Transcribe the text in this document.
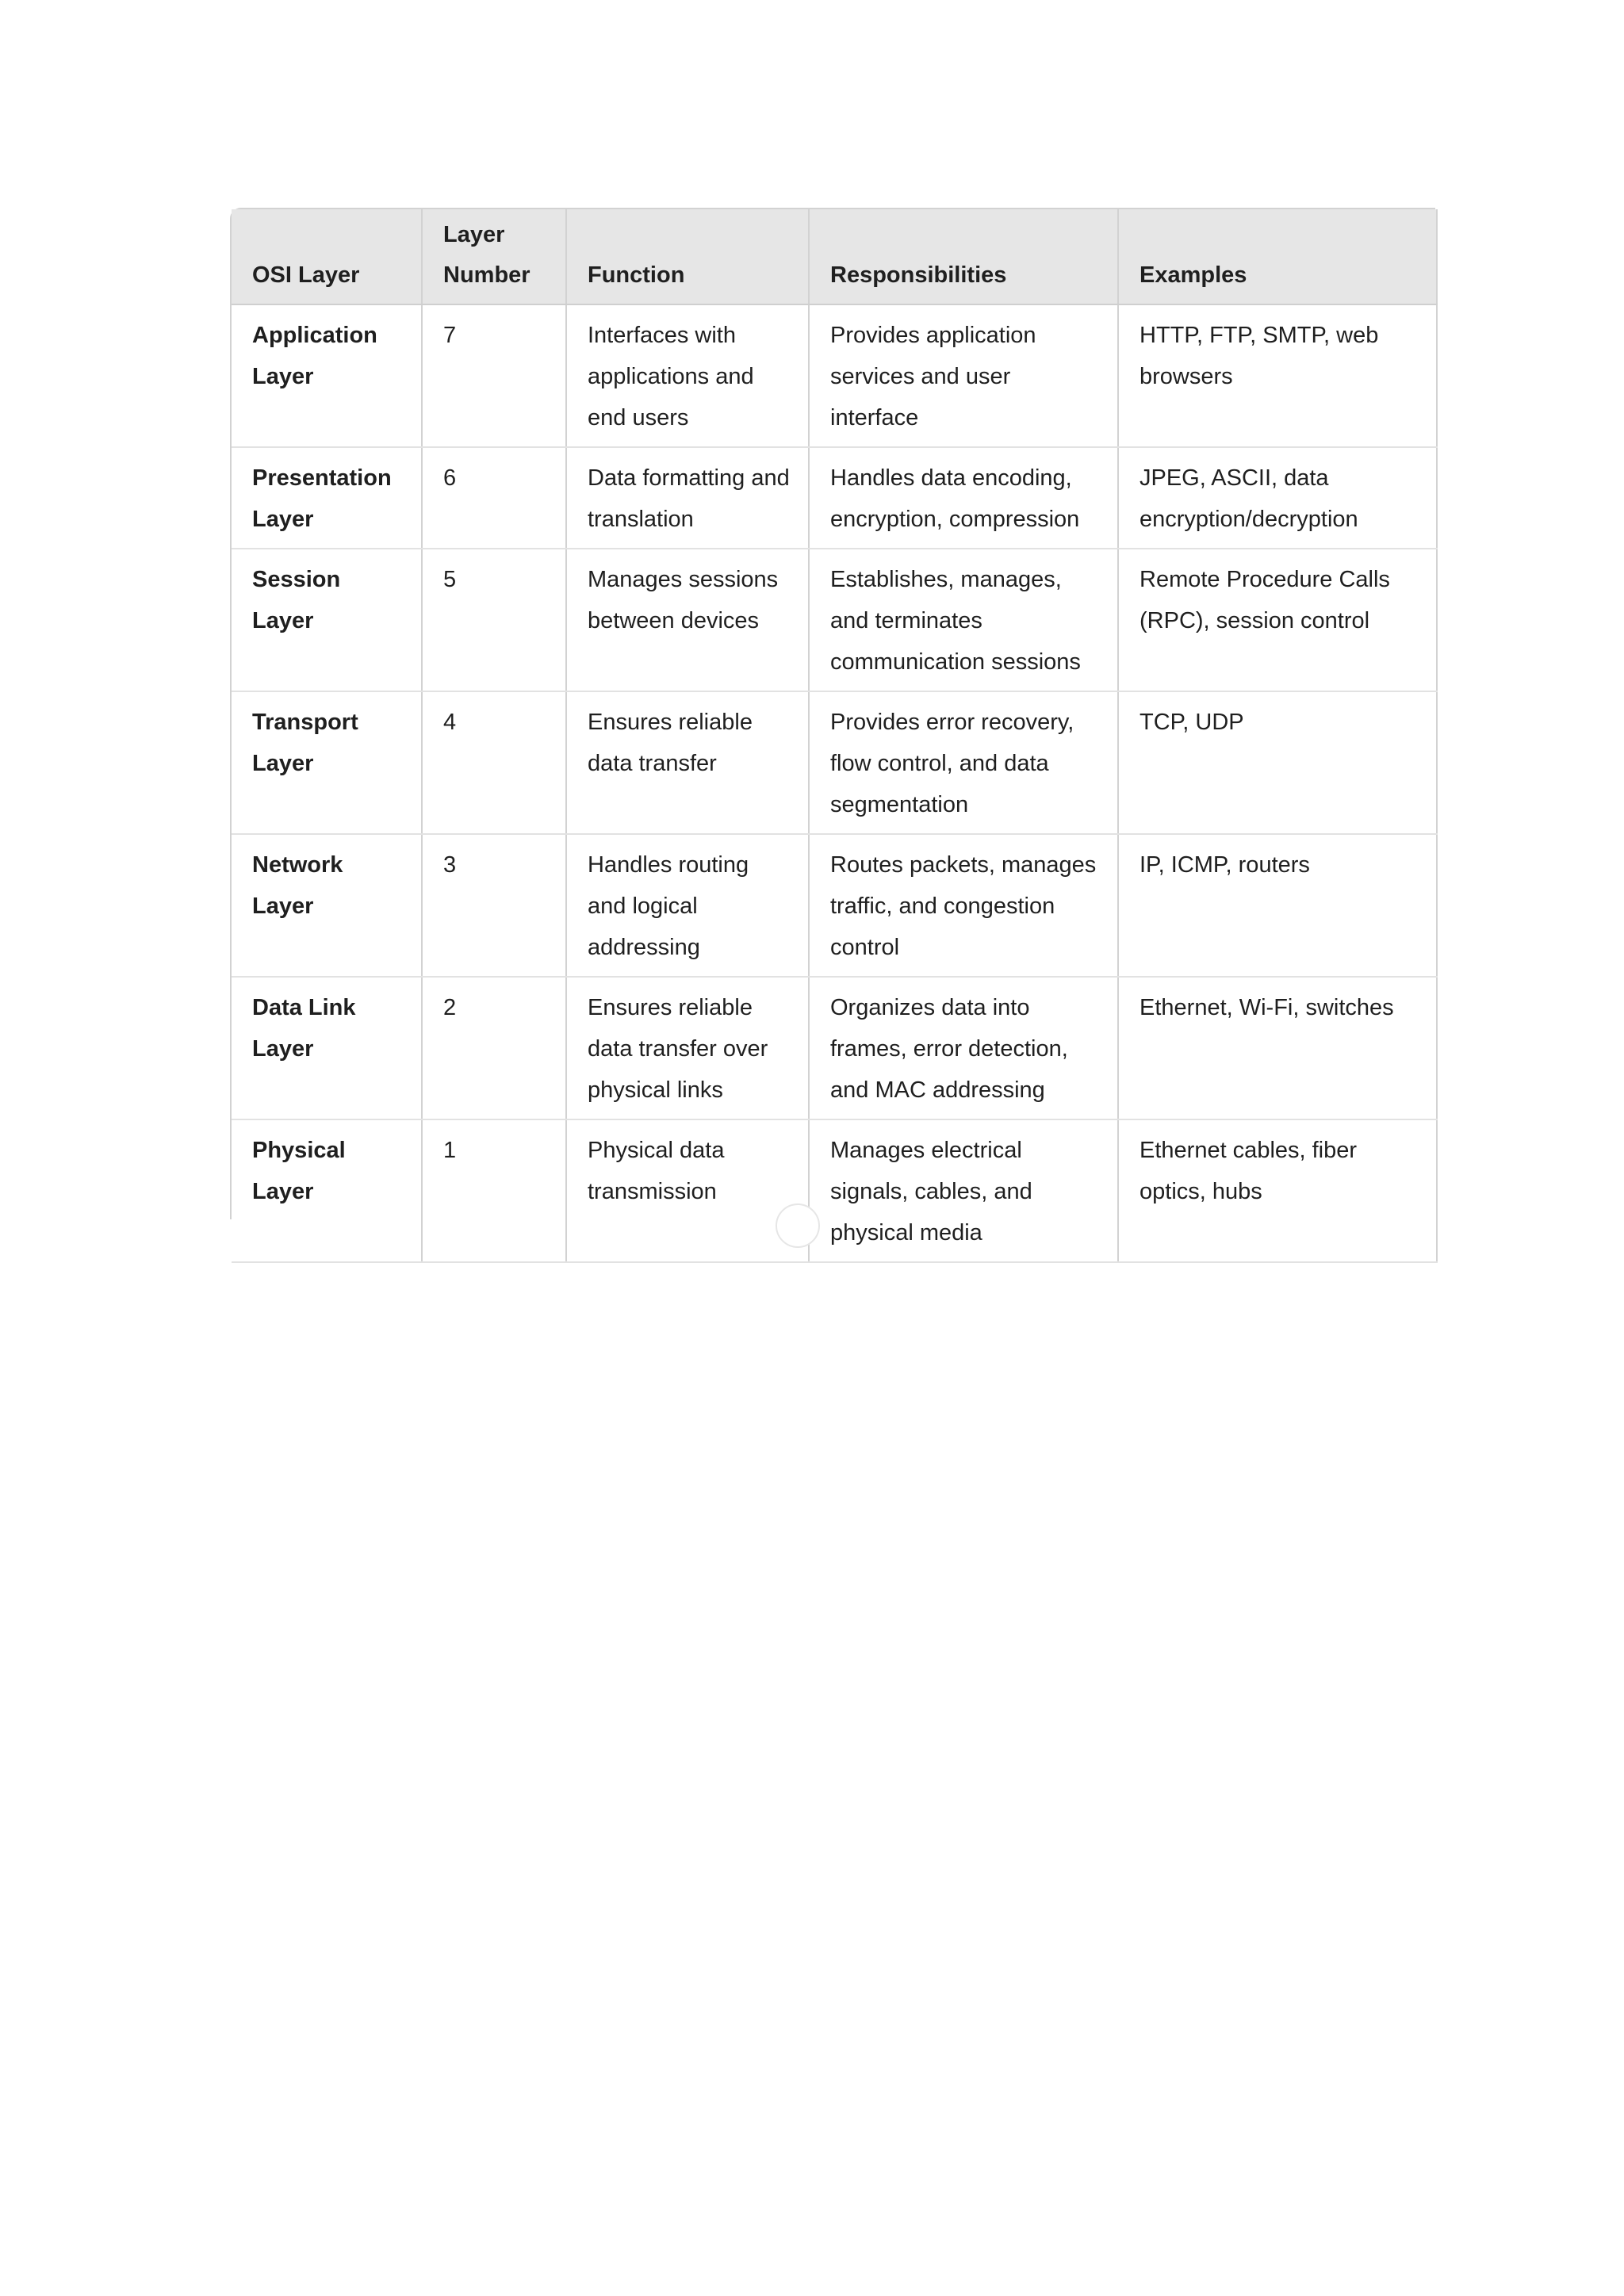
OSI Layer	Layer Number	Function	Responsibilities	Examples
Application Layer	7	Interfaces with applications and end users	Provides application services and user interface	HTTP, FTP, SMTP, web browsers
Presentation Layer	6	Data formatting and translation	Handles data encoding, encryption, compression	JPEG, ASCII, data encryption/decryption
Session Layer	5	Manages sessions between devices	Establishes, manages, and terminates communication sessions	Remote Procedure Calls (RPC), session control
Transport Layer	4	Ensures reliable data transfer	Provides error recovery, flow control, and data segmentation	TCP, UDP
Network Layer	3	Handles routing and logical addressing	Routes packets, manages traffic, and congestion control	IP, ICMP, routers
Data Link Layer	2	Ensures reliable data transfer over physical links	Organizes data into frames, error detection, and MAC addressing	Ethernet, Wi-Fi, switches
Physical Layer	1	Physical data transmission	Manages electrical signals, cables, and physical media	Ethernet cables, fiber optics, hubs
